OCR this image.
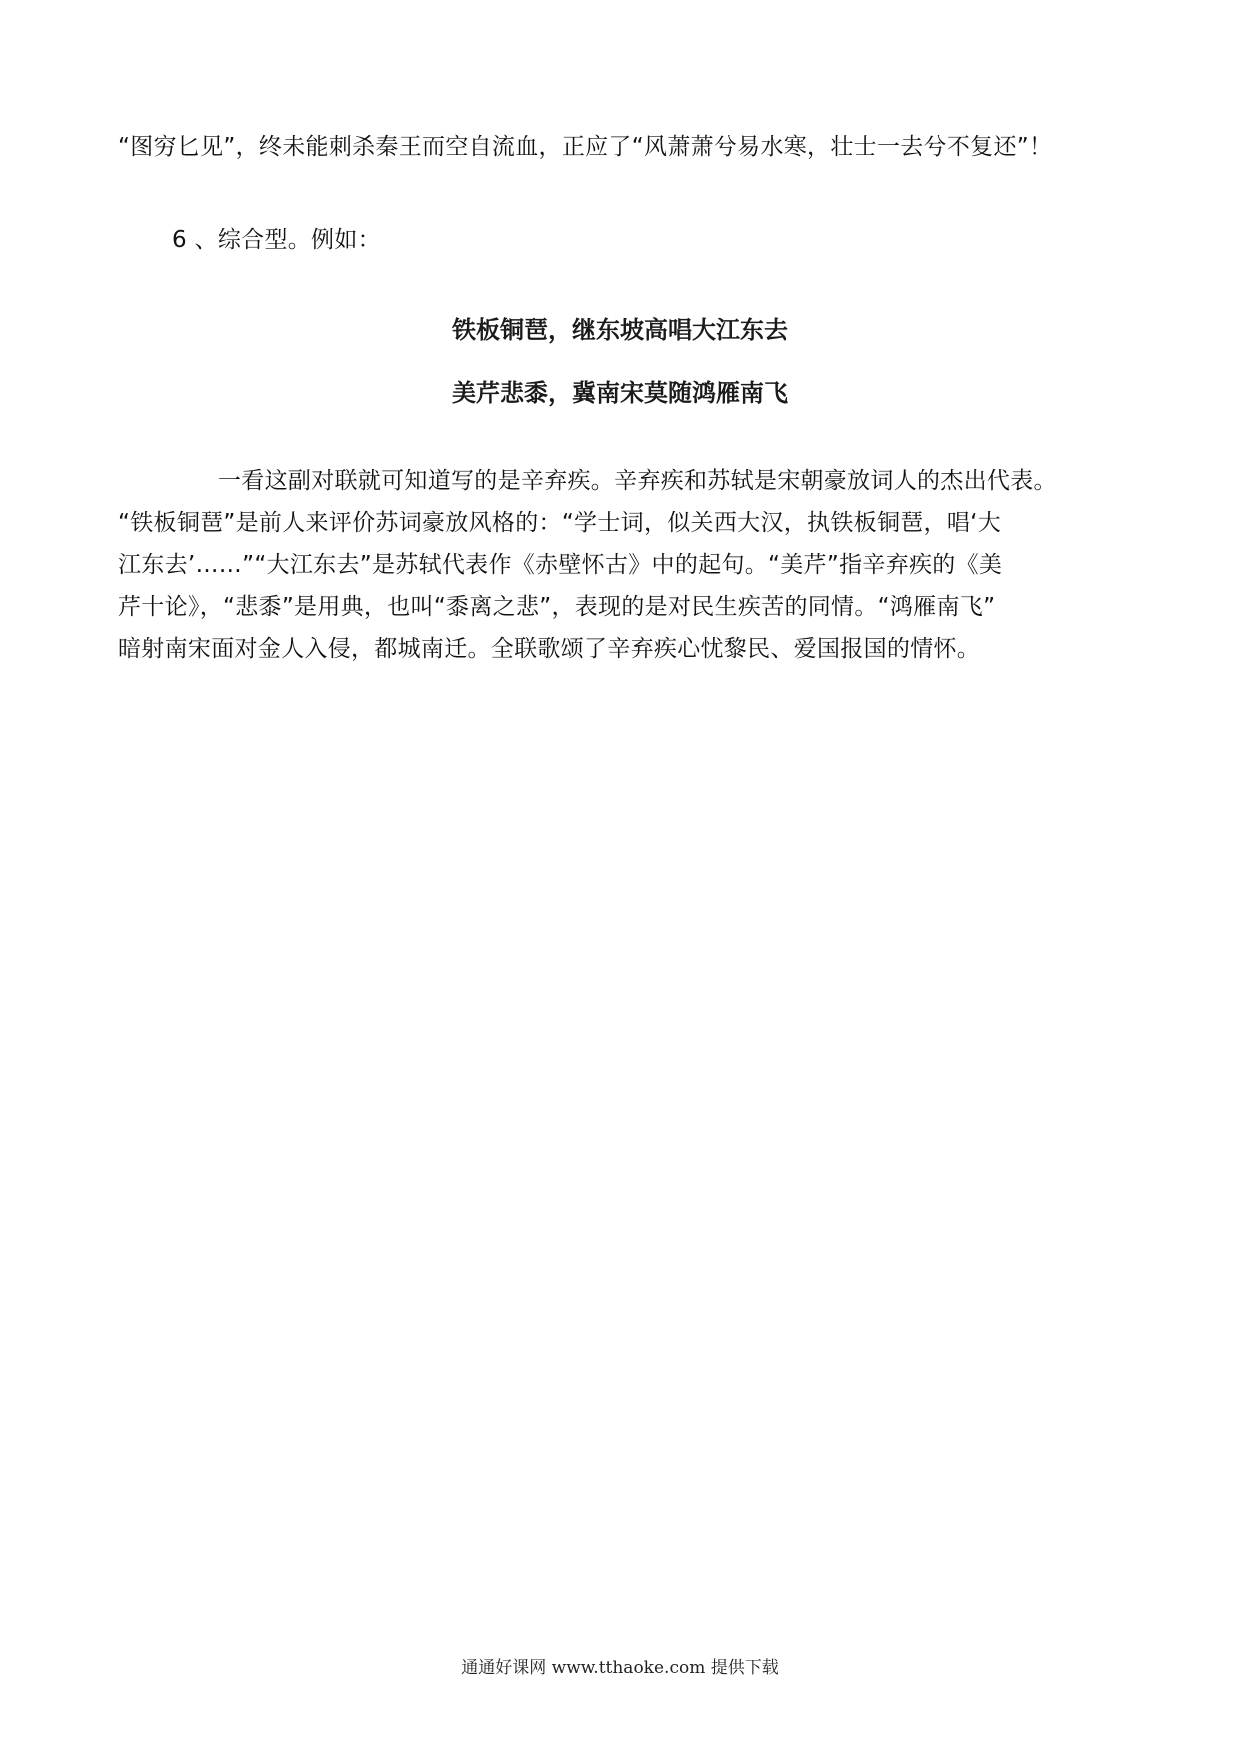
“图穷匕见”，终未能刺杀秦王而空自流血，正应了“风萧萧兮易水寒，壮士一去兮不复还”！
6 、综合型。例如：
铁板铜琶，继东坡高唱大江东去
美芹悲黍，冀南宋莫随鸿雁南飞

一看这副对联就可知道写的是辛弃疾。辛弃疾和苏轼是宋朝豪放词人的杰出代表。

“铁板铜琶”是前人来评价苏词豪放风格的：“学士词，似关西大汉，执铁板铜琶，唱‘大

江东去’……”“大江东去”是苏轼代表作《赤壁怀古》中的起句。“美芹”指辛弃疾的《美

芹十论》，“悲黍”是用典，也叫“黍离之悲”，表现的是对民生疾苦的同情。“鸿雁南飞”

暗射南宋面对金人入侵，都城南迁。全联歌颂了辛弃疾心忧黎民、爱国报国的情怀。

通通好课网 www.tthaoke.com 提供下载
